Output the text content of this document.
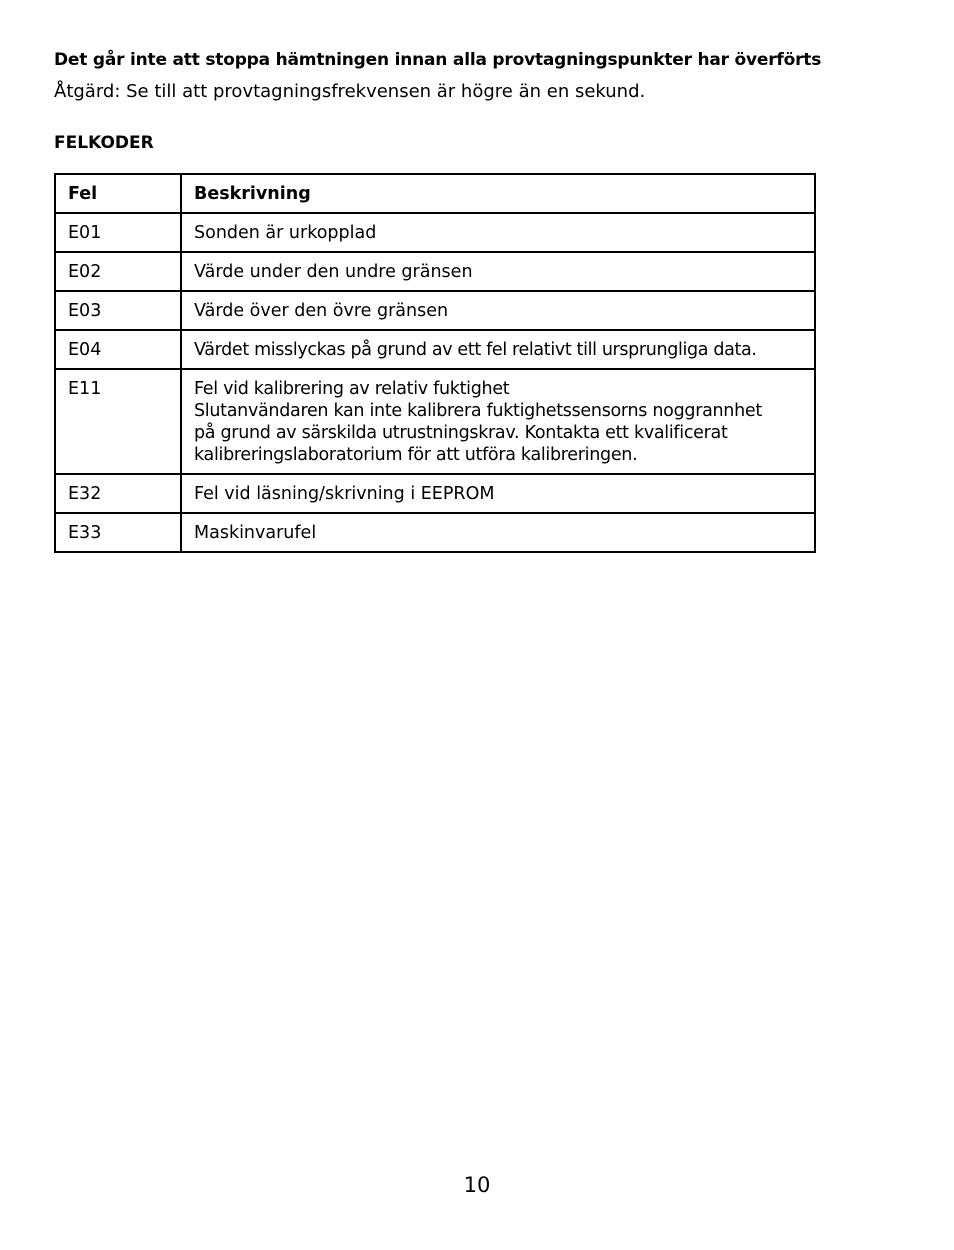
Det går inte att stoppa hämtningen innan alla provtagningspunkter har överförts
Åtgärd: Se till att provtagningsfrekvensen är högre än en sekund.
FELKODER
Fel	Beskrivning
E01	Sonden är urkopplad

E02	Värde under den undre gränsen

E03	Värde över den övre gränsen

E04	Värdet misslyckas på grund av ett fel relativt till ursprungliga data.

E11	Fel vid kalibrering av relativ fuktighet
Slutanvändaren kan inte kalibrera fuktighetssensorns noggrannhet
på grund av särskilda utrustningskrav. Kontakta ett kvalificerat
kalibreringslaboratorium för att utföra kalibreringen.

E32	Fel vid läsning/skrivning i EEPROM

E33	Maskinvarufel
10
